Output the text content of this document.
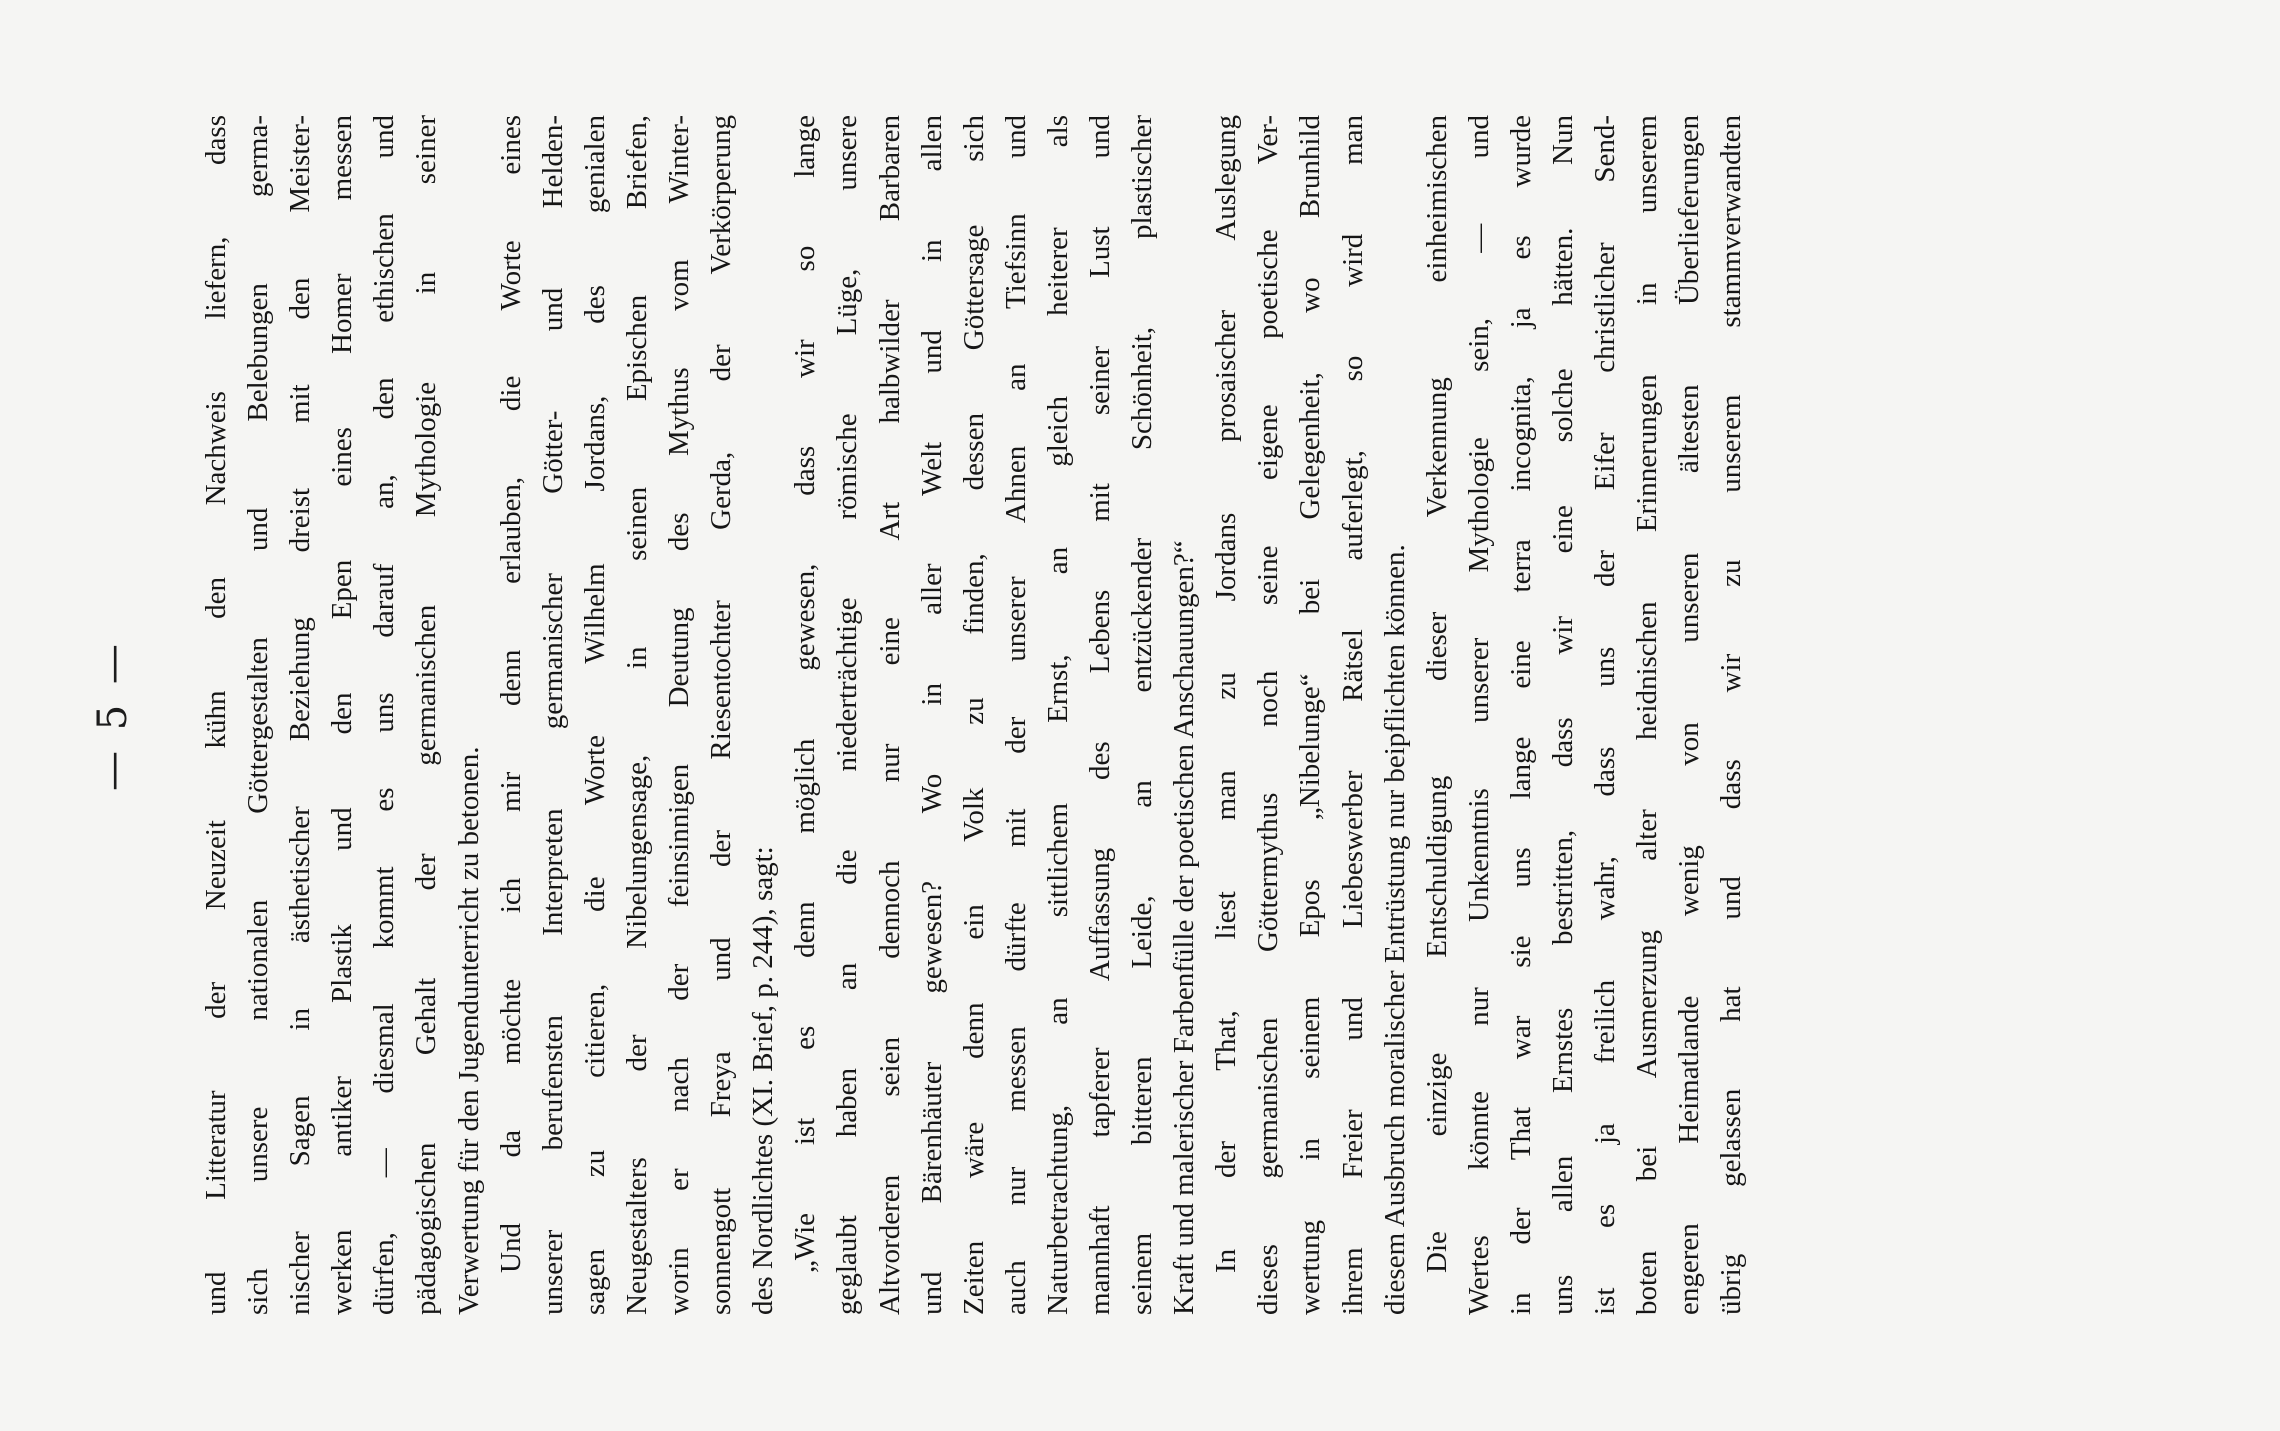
— 5 — und Litteratur der Neuzeit kühn den Nachweis liefern, dass sich unsere nationalen Göttergestalten und Belebungen germa- nischer Sagen in ästhetischer Beziehung dreist mit den Meister- werken antiker Plastik und den Epen eines Homer messen dürfen, — diesmal kommt es uns darauf an, den ethischen und pädagogischen Gehalt der germanischen Mythologie in seiner Verwertung für den Jugendunterricht zu betonen. Und da möchte ich mir denn erlauben, die Worte eines unserer berufensten Interpreten germanischer Götter- und Helden- sagen zu citieren, die Worte Wilhelm Jordans, des genialen Neugestalters der Nibelungensage, in seinen Epischen Briefen, worin er nach der feinsinnigen Deutung des Mythus vom Winter- sonnengott Freya und der Riesentochter Gerda, der Verkörperung des Nordlichtes (XI. Brief, p. 244), sagt: „Wie ist es denn möglich gewesen, dass wir so lange geglaubt haben an die niederträchtige römische Lüge, unsere Altvorderen seien dennoch nur eine Art halbwilder Barbaren und Bärenhäuter gewesen? Wo in aller Welt und in allen Zeiten wäre denn ein Volk zu finden, dessen Göttersage sich auch nur messen dürfte mit der unserer Ahnen an Tiefsinn und Naturbetrachtung, an sittlichem Ernst, an gleich heiterer als mannhaft tapferer Auffassung des Lebens mit seiner Lust und seinem bitteren Leide, an entzückender Schönheit, plastischer Kraft und malerischer Farbenfülle der poetischen Anschauungen?“ In der That, liest man zu Jordans prosaischer Auslegung dieses germanischen Göttermythus noch seine eigene poetische Ver- wertung in seinem Epos „Nibelunge“ bei Gelegenheit, wo Brunhild ihrem Freier und Liebeswerber Rätsel auferlegt, so wird man diesem Ausbruch moralischer Entrüstung nur beipflichten können. Die einzige Entschuldigung dieser Verkennung einheimischen Wertes könnte nur Unkenntnis unserer Mythologie sein, — und in der That war sie uns lange eine terra incognita, ja es wurde uns allen Ernstes bestritten, dass wir eine solche hätten. Nun ist es ja freilich wahr, dass uns der Eifer christlicher Send- boten bei Ausmerzung alter heidnischen Erinnerungen in unserem engeren Heimatlande wenig von unseren ältesten Überlieferungen übrig gelassen hat und dass wir zu unserem stammverwandten
